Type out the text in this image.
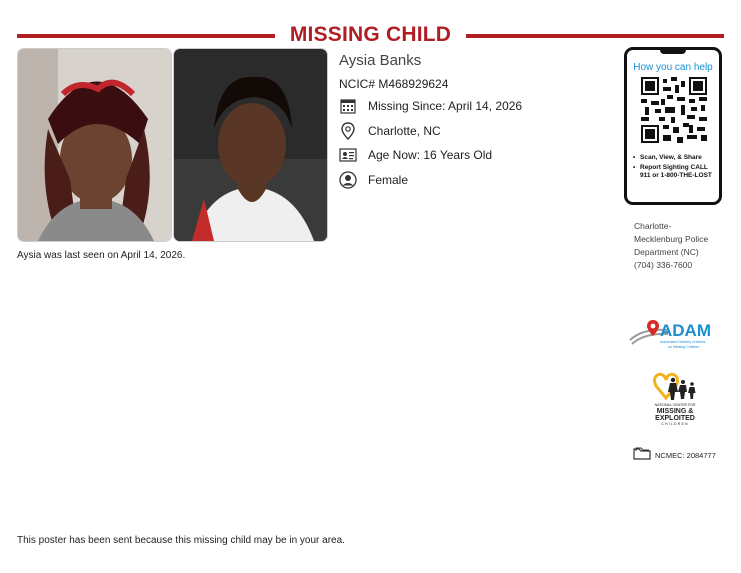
MISSING CHILD
Aysia was last seen on April 14, 2026.
Aysia Banks
NCIC# M468929624
Missing Since: April 14, 2026
Charlotte, NC
Age Now: 16 Years Old
Female
How you can help
• Scan, View, & Share
• Report Sighting CALL 911 or 1-800-THE-LOST
Charlotte-
Mecklenburg Police
Department (NC)
(704) 336-7600
ADAM
Automated Delivery of Alerts
on Missing Children
NATIONAL CENTER FOR
MISSING &
EXPLOITED
CHILDREN
NCMEC: 2084777
This poster has been sent because this missing child may be in your area.
